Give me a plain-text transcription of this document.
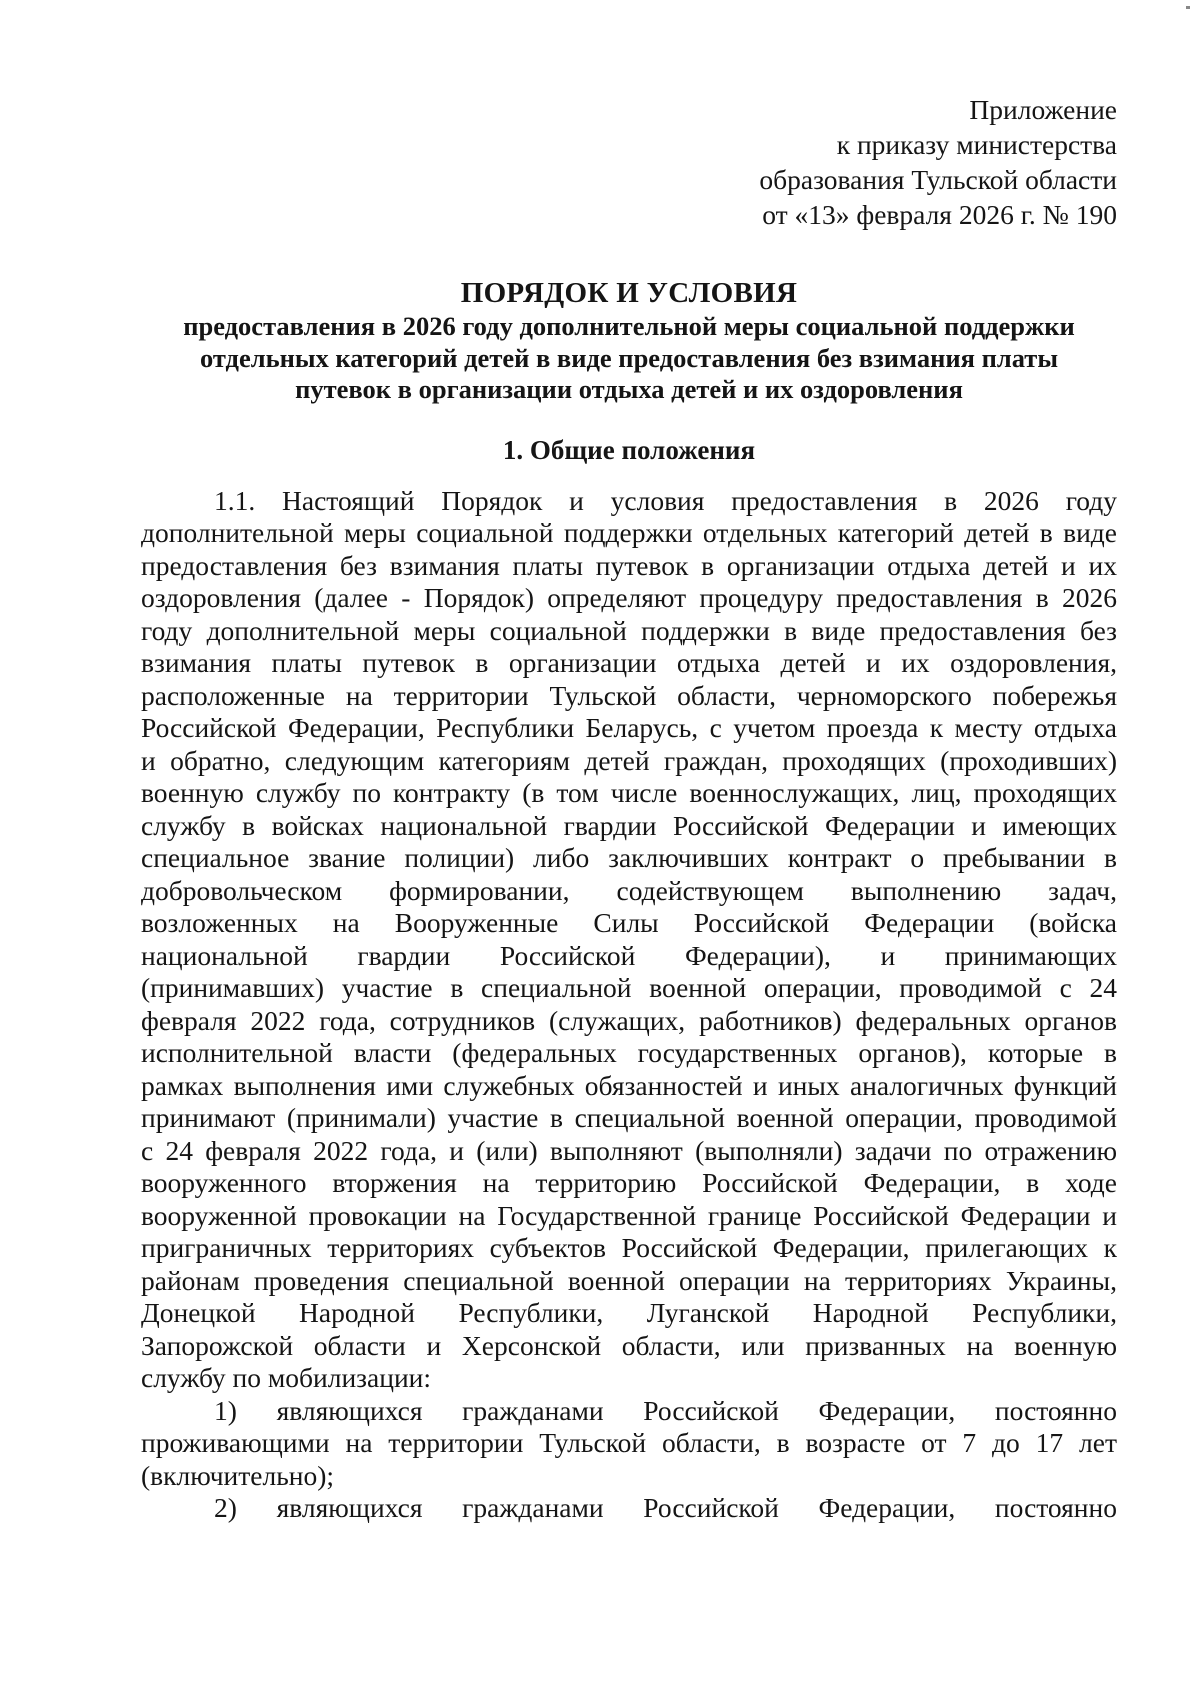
Приложение
к приказу министерства
образования Тульской области
от «13» февраля 2026 г. № 190
ПОРЯДОК И УСЛОВИЯ
предоставления в 2026 году дополнительной меры социальной поддержки
отдельных категорий детей в виде предоставления без взимания платы
путевок в организации отдыха детей и их оздоровления
1. Общие положения
1.1. Настоящий Порядок и условия предоставления в 2026 году
дополнительной меры социальной поддержки отдельных категорий детей в виде
предоставления без взимания платы путевок в организации отдыха детей и их
оздоровления (далее - Порядок) определяют процедуру предоставления в 2026
году дополнительной меры социальной поддержки в виде предоставления без
взимания платы путевок в организации отдыха детей и их оздоровления,
расположенные на территории Тульской области, черноморского побережья
Российской Федерации, Республики Беларусь, с учетом проезда к месту отдыха
и обратно, следующим категориям детей граждан, проходящих (проходивших)
военную службу по контракту (в том числе военнослужащих, лиц, проходящих
службу в войсках национальной гвардии Российской Федерации и имеющих
специальное звание полиции) либо заключивших контракт о пребывании в
добровольческом формировании, содействующем выполнению задач,
возложенных на Вооруженные Силы Российской Федерации (войска
национальной гвардии Российской Федерации), и принимающих
(принимавших) участие в специальной военной операции, проводимой с 24
февраля 2022 года, сотрудников (служащих, работников) федеральных органов
исполнительной власти (федеральных государственных органов), которые в
рамках выполнения ими служебных обязанностей и иных аналогичных функций
принимают (принимали) участие в специальной военной операции, проводимой
с 24 февраля 2022 года, и (или) выполняют (выполняли) задачи по отражению
вооруженного вторжения на территорию Российской Федерации, в ходе
вооруженной провокации на Государственной границе Российской Федерации и
приграничных территориях субъектов Российской Федерации, прилегающих к
районам проведения специальной военной операции на территориях Украины,
Донецкой Народной Республики, Луганской Народной Республики,
Запорожской области и Херсонской области, или призванных на военную
службу по мобилизации:
1) являющихся гражданами Российской Федерации, постоянно
проживающими на территории Тульской области, в возрасте от 7 до 17 лет
(включительно);
2) являющихся гражданами Российской Федерации, постоянно
